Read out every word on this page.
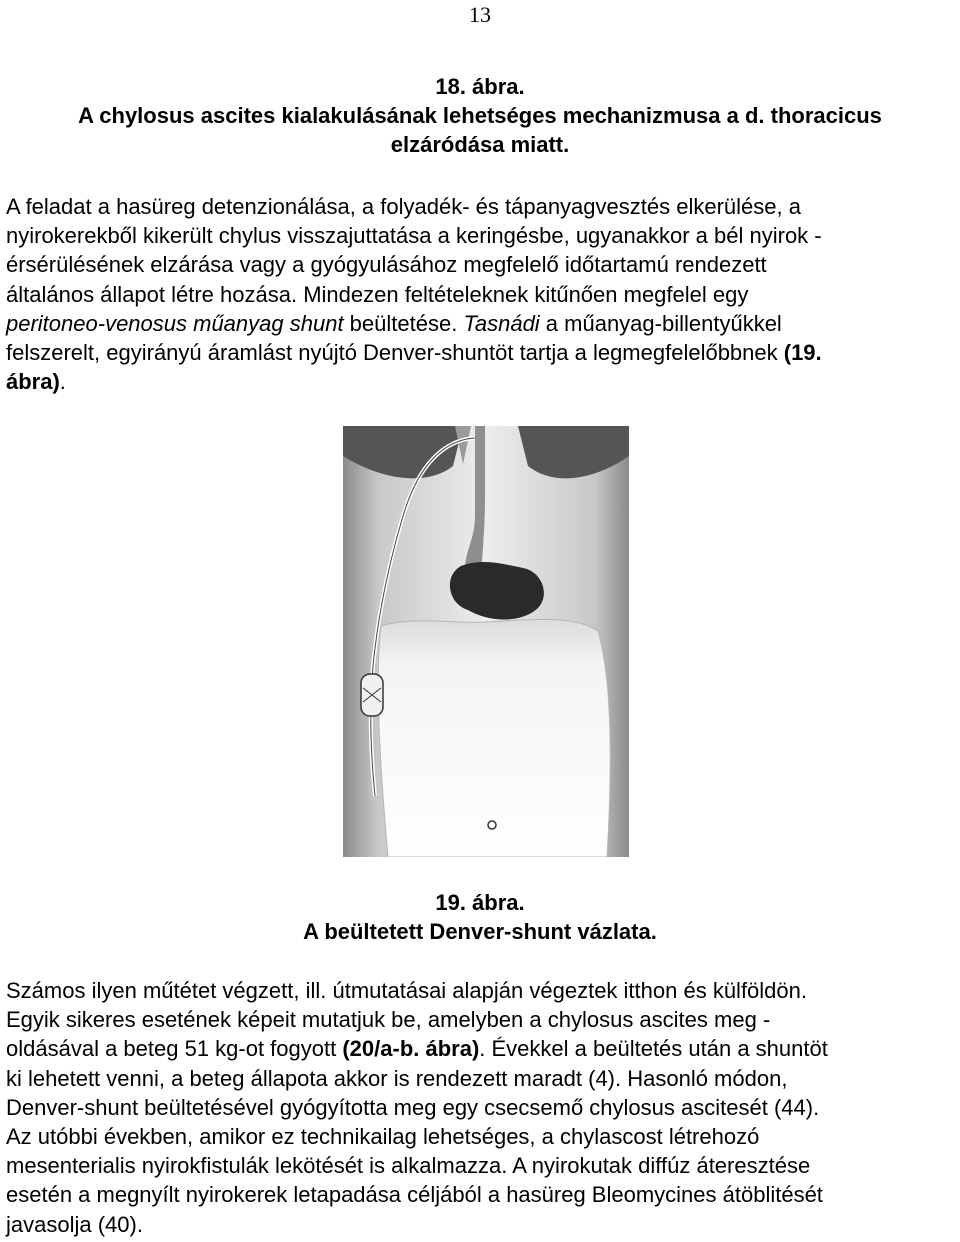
13
18. ábra.
A chylosus ascites kialakulásának lehetséges mechanizmusa a d. thoracicus
elzáródása miatt.
A feladat a hasüreg detenzionálása, a folyadék- és tápanyagvesztés elkerülése, a
nyirokerekből kikerült chylus visszajuttatása a keringésbe, ugyanakkor a bél nyirok -
érsérülésének elzárása vagy a gyógyulásához megfelelő időtartamú rendezett
általános állapot létre hozása. Mindezen feltételeknek kitűnően megfelel egy
peritoneo-venosus műanyag shunt beültetése. Tasnádi a műanyag-billentyűkkel
felszerelt, egyirányú áramlást nyújtó Denver-shuntöt tartja a legmegfelelőbbnek (19.
ábra).
19. ábra.
A beültetett Denver-shunt vázlata.
Számos ilyen műtétet végzett, ill. útmutatásai alapján végeztek itthon és külföldön.
Egyik sikeres esetének képeit mutatjuk be, amelyben a chylosus ascites meg -
oldásával a beteg 51 kg-ot fogyott (20/a-b. ábra). Évekkel a beültetés után a shuntöt
ki lehetett venni, a beteg állapota akkor is rendezett maradt (4). Hasonló módon,
Denver-shunt beültetésével gyógyította meg egy csecsemő chylosus ascitesét (44).
Az utóbbi években, amikor ez technikailag lehetséges, a chylascost létrehozó
mesenterialis nyirokfistulák lekötését is alkalmazza. A nyirokutak diffúz áteresztése
esetén a megnyílt nyirokerek letapadása céljából a hasüreg Bleomycines átöblitését
javasolja (40).
